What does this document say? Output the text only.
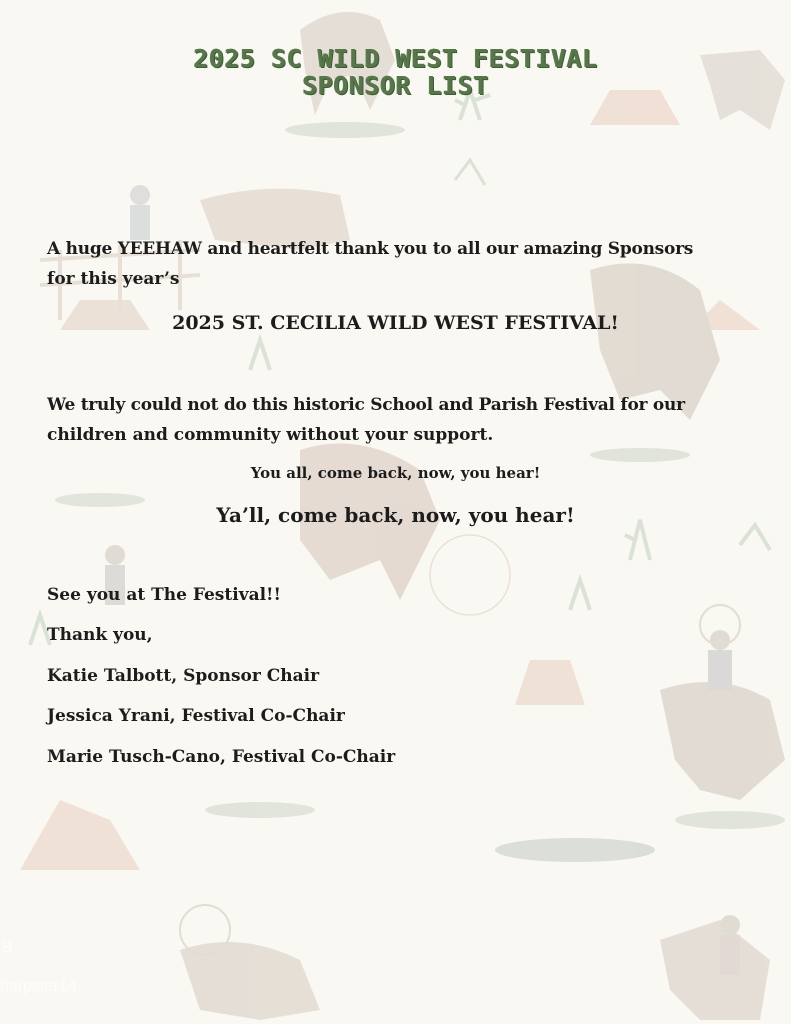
B
harpster14
2025 SC WILD WEST FESTIVAL
SPONSOR LIST
A huge YEEHAW and heartfelt thank you to all our amazing Sponsors
for this year’s
2025 ST. CECILIA WILD WEST FESTIVAL!
We truly could not do this historic School and Parish Festival for our
children and community without your support.
You all, come back, now, you hear!
Ya’ll, come back, now, you hear!
See you at The Festival!!
Thank you,
Katie Talbott, Sponsor Chair
Jessica Yrani, Festival Co-Chair
Marie Tusch-Cano, Festival Co-Chair
